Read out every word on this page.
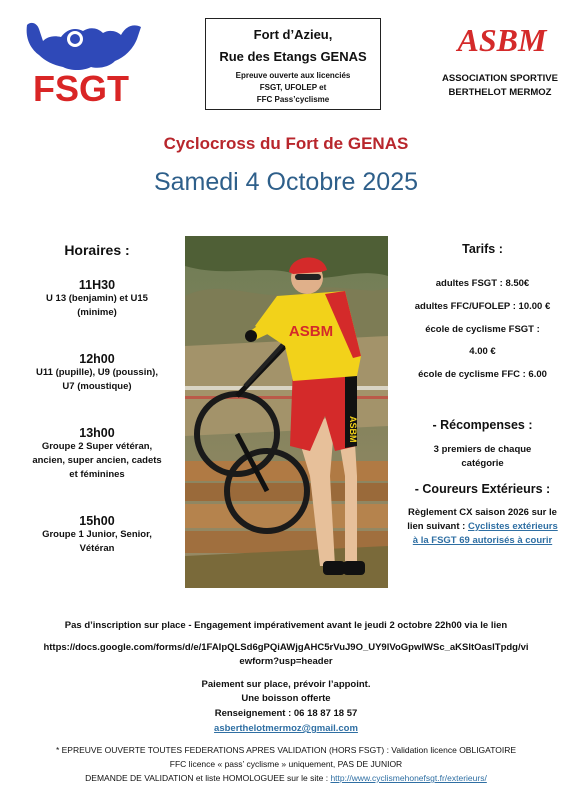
FSGT
Fort d’Azieu,
Rue des Etangs GENAS
Epreuve ouverte aux licenciés
FSGT, UFOLEP et
FFC Pass’cyclisme
ASBM
ASSOCIATION SPORTIVE
BERTHELOT MERMOZ
Cyclocross du Fort de GENAS
Samedi 4 Octobre 2025
Horaires :
11H30
U 13 (benjamin) et U15
(minime)
12h00
U11 (pupille), U9 (poussin),
U7 (moustique)
13h00
Groupe 2 Super vétéran,
ancien, super ancien, cadets
et féminines
15h00
Groupe 1 Junior, Senior,
Vétéran
ASBM
ASBM
Tarifs :
adultes FSGT : 8.50€
adultes FFC/UFOLEP : 10.00 €
école de cyclisme FSGT :
4.00 €
école de cyclisme FFC : 6.00
- Récompenses :
3 premiers de chaque
catégorie
- Coureurs Extérieurs :
Règlement CX saison 2026 sur le
lien suivant : Cyclistes extérieurs
à la FSGT 69 autorisés à courir
Pas d’inscription sur place - Engagement impérativement avant le jeudi 2 octobre 22h00 via le lien
https://docs.google.com/forms/d/e/1FAIpQLSd6gPQiAWjgAHC5rVuJ9O_UY9lVoGpwlWSc_aKSltOaslTpdg/vi
ewform?usp=header
Paiement sur place, prévoir l’appoint.
Une boisson offerte
Renseignement : 06 18 87 18 57
asberthelotmermoz@gmail.com
* EPREUVE OUVERTE TOUTES FEDERATIONS APRES VALIDATION (HORS FSGT) : Validation licence OBLIGATOIRE
FFC licence « pass’ cyclisme » uniquement, PAS DE JUNIOR
DEMANDE DE VALIDATION et liste HOMOLOGUEE sur le site : http://www.cyclismehonefsgt.fr/exterieurs/
